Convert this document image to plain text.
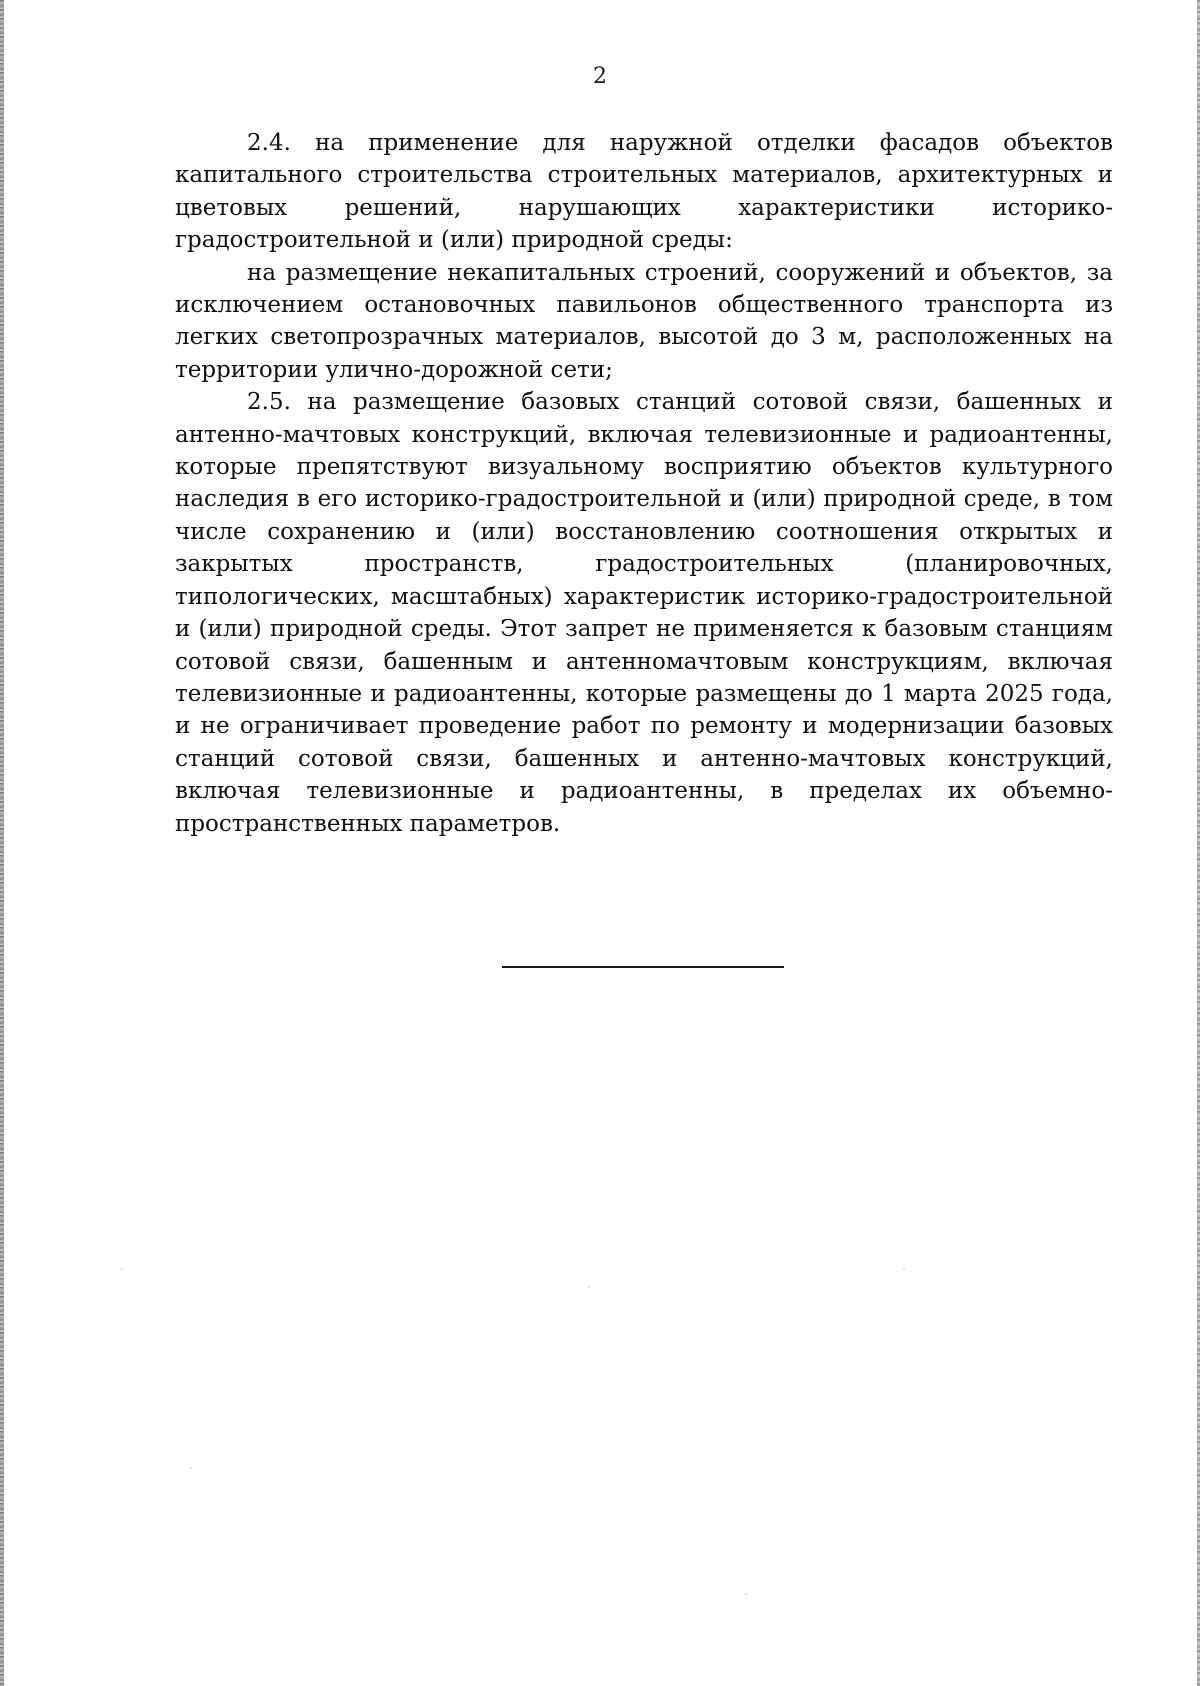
2

2.4. на применение для наружной отделки фасадов объектов капитального строительства строительных материалов, архитектурных и цветовых решений, нарушающих характеристики историко-градостроительной и (или) природной среды:

на размещение некапитальных строений, сооружений и объектов, за исключением остановочных павильонов общественного транспорта из легких светопрозрачных материалов, высотой до 3 м, расположенных на территории улично-дорожной сети;

2.5. на размещение базовых станций сотовой связи, башенных и антенно-мачтовых конструкций, включая телевизионные и радиоантенны, которые препятствуют визуальному восприятию объектов культурного наследия в его историко-градостроительной и (или) природной среде, в том числе сохранению и (или) восстановлению соотношения открытых и закрытых пространств, градостроительных (планировочных, типологических, масштабных) характеристик историко-градостроительной и (или) природной среды. Этот запрет не применяется к базовым станциям сотовой связи, башенным и антенномачтовым конструкциям, включая телевизионные и радиоантенны, которые размещены до 1 марта 2025 года, и не ограничивает проведение работ по ремонту и модернизации базовых станций сотовой связи, башенных и антенно-мачтовых конструкций, включая телевизионные и радиоантенны, в пределах их объемно-пространственных параметров.
